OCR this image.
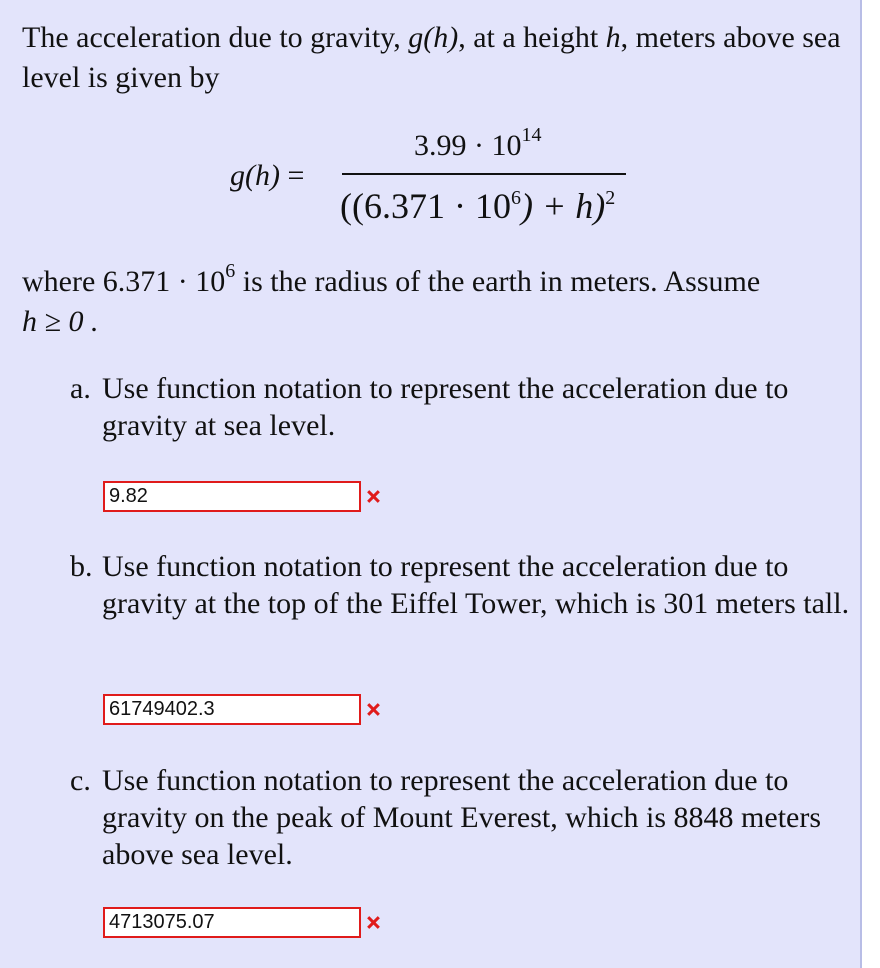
The acceleration due to gravity, g(h), at a height h, meters above sea level is given by
g(h) =
$3.99 \cdot 10^{14}$
$((6.371 \cdot 10^6) + h)^2$
where $6.371 \cdot 10^6$ is the radius of the earth in meters. Assume
h ≥ 0 .
a. Use function notation to represent the acceleration due to gravity at sea level.
9.82
b. Use function notation to represent the acceleration due to gravity at the top of the Eiffel Tower, which is 301 meters tall.
61749402.3
c. Use function notation to represent the acceleration due to gravity on the peak of Mount Everest, which is 8848 meters above sea level.
4713075.07
